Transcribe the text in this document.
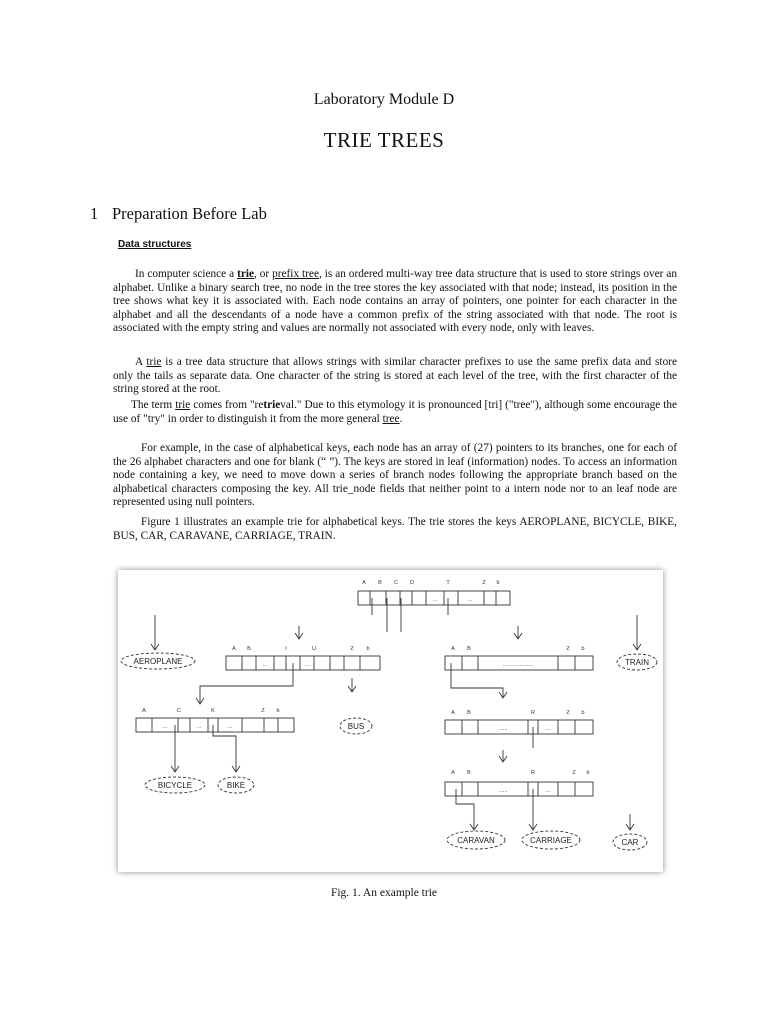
Laboratory Module D
TRIE TREES
1 Preparation Before Lab
Data structures

In computer science a trie, or prefix tree, is an ordered multi-way tree data structure that is used to store strings over an alphabet. Unlike a binary search tree, no node in the tree stores the key associated with that node; instead, its position in the tree shows what key it is associated with. Each node contains an array of pointers, one pointer for each character in the alphabet and all the descendants of a node have a common prefix of the string associated with that node. The root is associated with the empty string and values are normally not associated with every node, only with leaves.

A trie is a tree data structure that allows strings with similar character prefixes to use the same prefix data and store only the tails as separate data. One character of the string is stored at each level of the tree, with the first character of the string stored at the root.

The term trie comes from "retrieval." Due to this etymology it is pronounced [tri] ("tree"), although some encourage the use of "try" in order to distinguish it from the more general tree.

For example, in the case of alphabetical keys, each node has an array of (27) pointers to its branches, one for each of the 26 alphabet characters and one for blank (“ ”). The keys are stored in leaf (information) nodes. To access an information node containing a key, we need to move down a series of branch nodes following the appropriate branch based on the alphabetical characters composing the key. All trie_node fields that neither point to a intern node nor to an leaf node are represented using null pointers.

Figure 1 illustrates an example trie for alphabetical keys. The trie stores the keys AEROPLANE, BICYCLE, BIKE, BUS, CAR, CARAVANE, CARRIAGE, TRAIN.

AEROPLANE	TRAIN
BUS
BICYCLE	BIKE
CARAVAN	CARRIAGE	CAR
A B C D	T	Z b
A B	I	U	Z b	A B	Z b
A	C	K	Z b	A B	R	Z b
A B	R	Z b
...	...
...	...	....................
...	...	...	......	...
......	...
Fig. 1. An example trie
